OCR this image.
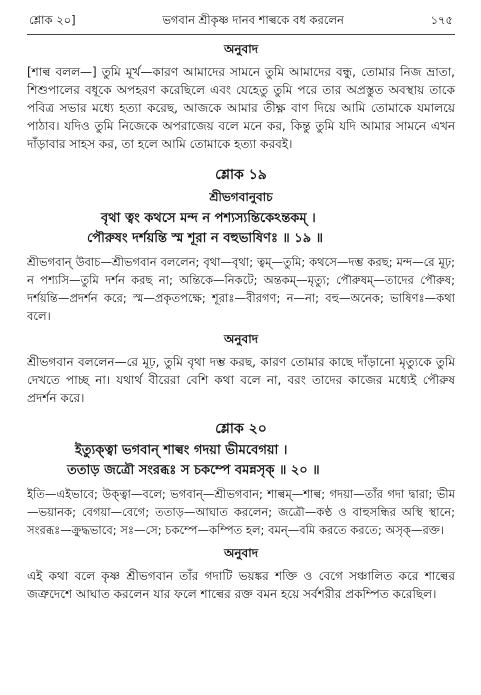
শ্লোক ২০]	ভগবান শ্রীকৃষ্ণ দানব শাল্বকে বধ করলেন	১৭৫
অনুবাদ

[শাল্ব বলল—] তুমি মূর্খ—কারণ আমাদের সামনে তুমি আমাদের বন্ধু, তোমার নিজ ভ্রাতা, শিশুপালের বধূকে অপহরণ করেছিলে এবং যেহেতু তুমি পরে তার অপ্রস্তুত অবস্থায় তাকে পবিত্র সভার মধ্যে হত্যা করেছ, আজকে আমার তীক্ষ্ণ বাণ দিয়ে আমি তোমাকে যমালয়ে পাঠাব। যদিও তুমি নিজেকে অপরাজেয় বলে মনে কর, কিন্তু তুমি যদি আমার সামনে এখন দাঁড়াবার সাহস কর, তা হলে আমি তোমাকে হত্যা করবই।

শ্লোক ১৯
শ্রীভগবানুবাচ
বৃথা ত্বং কথসে মন্দ ন পশ্যস্যন্তিকেঽন্তকম্ ।
পৌরুষং দর্শয়ন্তি স্ম শূরা ন বহুভাষিণঃ ॥ ১৯ ॥

শ্রীভগবান্ উবাচ—শ্রীভগবান বললেন; বৃথা—বৃথা; ত্বম্—তুমি; কথসে—দম্ভ করছ; মন্দ—রে মূঢ়; ন পশ্যসি—তুমি দর্শন করছ না; অন্তিকে—নিকটে; অন্তকম্—মৃত্যু; পৌরুষম্—তাদের পৌরুষ; দর্শয়ন্তি—প্রদর্শন করে; স্ম—প্রকৃতপক্ষে; শূরাঃ—বীরগণ; ন—না; বহু—অনেক; ভাষিণঃ—কথা বলে।

অনুবাদ

শ্রীভগবান বললেন—রে মূঢ়, তুমি বৃথা দম্ভ করছ, কারণ তোমার কাছে দাঁড়ানো মৃত্যুকে তুমি দেখতে পাচ্ছ না। যথার্থ বীরেরা বেশি কথা বলে না, বরং তাদের কাজের মধ্যেই পৌরুষ প্রদর্শন করে।

শ্লোক ২০
ইত্যুক্ত্বা ভগবান্ শাল্বং গদয়া ভীমবেগয়া ।
ততাড় জত্রৌ সংরব্ধঃ স চকম্পে বমন্নসৃক্ ॥ ২০ ॥

ইতি—এইভাবে; উক্ত্বা—বলে; ভগবান্—শ্রীভগবান; শাল্বম্—শাল্ব; গদয়া—তাঁর গদা দ্বারা; ভীম—ভয়ানক; বেগয়া—বেগে; ততাড়—আঘাত করলেন; জত্রৌ—কণ্ঠ ও বাহুসন্ধির অস্থি স্থানে; সংরব্ধঃ—ক্রুদ্ধভাবে; সঃ—সে; চকম্পে—কম্পিত হল; বমন্—বমি করতে করতে; অসৃক্—রক্ত।

অনুবাদ

এই কথা বলে কৃষ্ণ শ্রীভগবান তাঁর গদাটি ভয়ঙ্কর শক্তি ও বেগে সঞ্চালিত করে শাল্বের জত্রুদেশে আঘাত করলেন যার ফলে শাল্বের রক্ত বমন হয়ে সর্বশরীর প্রকম্পিত করেছিল।
